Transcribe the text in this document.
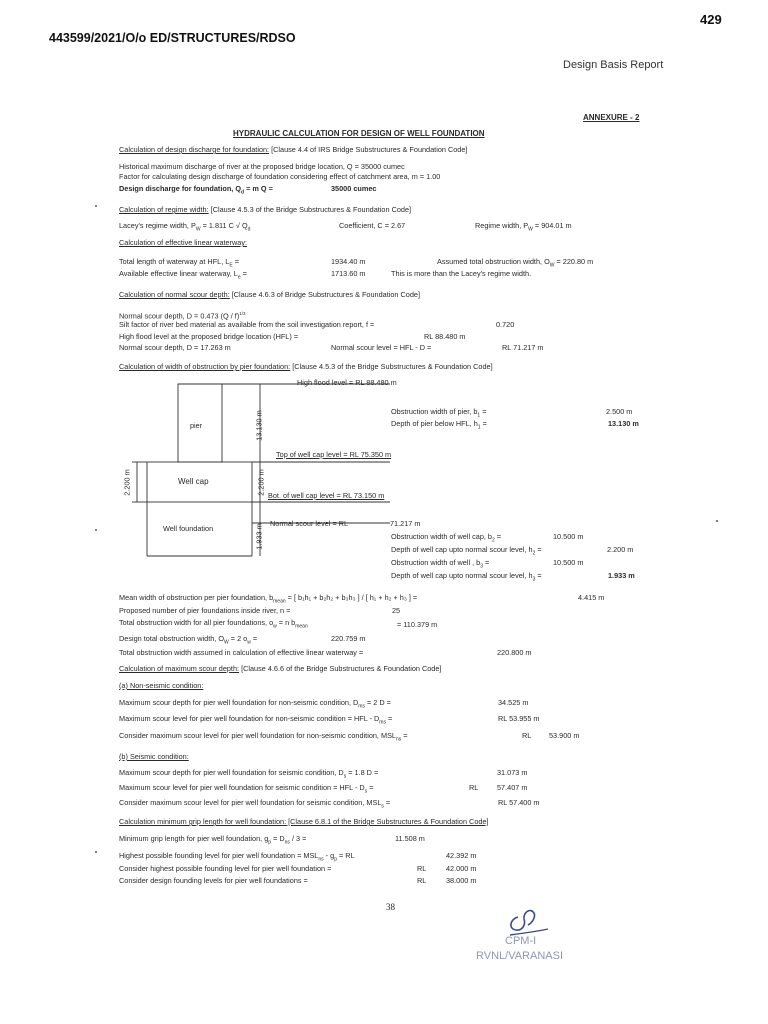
429
443599/2021/O/o ED/STRUCTURES/RDSO
Design Basis Report
ANNEXURE - 2
HYDRAULIC CALCULATION FOR DESIGN OF WELL FOUNDATION
Calculation of design discharge for foundation: [Clause 4.4 of IRS Bridge Substructures & Foundation Code]
Historical maximum discharge of river at the proposed bridge location, Q = 35000 cumec
Factor for calculating design discharge of foundation considering effect of catchment area, m = 1.00
Design discharge for foundation, $Q_d = m$ Q =	35000 cumec
Calculation of regime width: [Clause 4.5.3 of the Bridge Substructures & Foundation Code]
Lacey's regime width, $P_W = 1.811$ C √ $Q_d$	Coefficient, C = 2.67	Regime width, $P_W = 904.01$ m
Calculation of effective linear waterway:
Total length of waterway at HFL, $L_E$ =	1934.40 m	Assumed total obstruction width, $O_W = 220.80$ m
Available effective linear waterway, $L_e$ =	1713.60 m	This is more than the Lacey's regime width.
Calculation of normal scour depth: [Clause 4.6.3 of Bridge Substructures & Foundation Code]
Normal scour depth, D = 0.473 (Q / f)$^{1/3}$
Silt factor of river bed material as available from the soil investigation report, f =	0.720
High flood level at the proposed bridge location (HFL) =	RL 88.480 m
Normal scour depth, D = 17.263 m	Normal scour level = HFL - D =	RL 71.217 m
Calculation of width of obstruction by pier foundation: [Clause 4.5.3 of the Bridge Substructures & Foundation Code]
High flood level = RL 88.480 m
pier	13.130 m
Top of well cap level = RL 75.350 m
2.200 m	Well cap	2.200 m Bot. of well cap level = RL 73.150 m
Well foundation	1.933 m Normal scour level = RL	71.217 m
Obstruction width of pier, $b_1$ =	2.500 m
Depth of pier below HFL, $h_1$ =	13.130 m
Obstruction width of well cap, $b_2$ =	10.500 m
Depth of well cap upto normal scour level, $h_2$ =	2.200 m
Obstruction width of well , $b_3$ =	10.500 m
Depth of well cap upto normal scour level, $h_3$ =	1.933 m
Mean width of obstruction per pier foundation, $b_{mean}$ = [ b₁h₁ + b₂h₂ + b₃h₃ ] / [ h₁ + h₂ + h₃ ] =	4.415 m
Proposed number of pier foundations inside river, n =	25
Total obstruction width for all pier foundations, $o_w = n$ $b_{mean}$	= 110.379 m
Design total obstruction width, $O_W = 2$ $o_w$ =	220.759 m
Total obstruction width assumed in calculation of effective linear waterway =	220.800 m
Calculation of maximum scour depth: [Clause 4.6.6 of the Bridge Substructures & Foundation Code]
(a) Non-seismic condition:
Maximum scour depth for pier well foundation for non-seismic condition, $D_{ms} = 2$ D =	34.525 m
Maximum scour level for pier well foundation for non-seismic condition = HFL - $D_{ms}$ =	RL 53.955 m
Consider maximum scour level for pier well foundation for non-seismic condition, $MSL_{ns}$ =	RL 53.900 m
(b) Seismic condition:
Maximum scour depth for pier well foundation for seismic condition, $D_s = 1.8$ D =	31.073 m
Maximum scour level for pier well foundation for seismic condition = HFL - $D_s$ =	RL	57.407 m
Consider maximum scour level for pier well foundation for seismic condition, $MSL_s$ =	RL 57.400 m
Calculation minimum grip length for well foundation: [Clause 6.8.1 of the Bridge Substructures & Foundation Code]
Minimum grip length for pier well foundation, $g_p = D_{ns} / 3$ =	11.508 m
Highest possible founding level for pier well foundation = $MSL_{ns} - g_p$ = RL	42.392 m
Consider highest possible founding level for pier well foundation =	RL	42.000 m
Consider design founding levels for pier well foundations =	RL	38.000 m
38
CPM-I
RVNL/VARANASI
